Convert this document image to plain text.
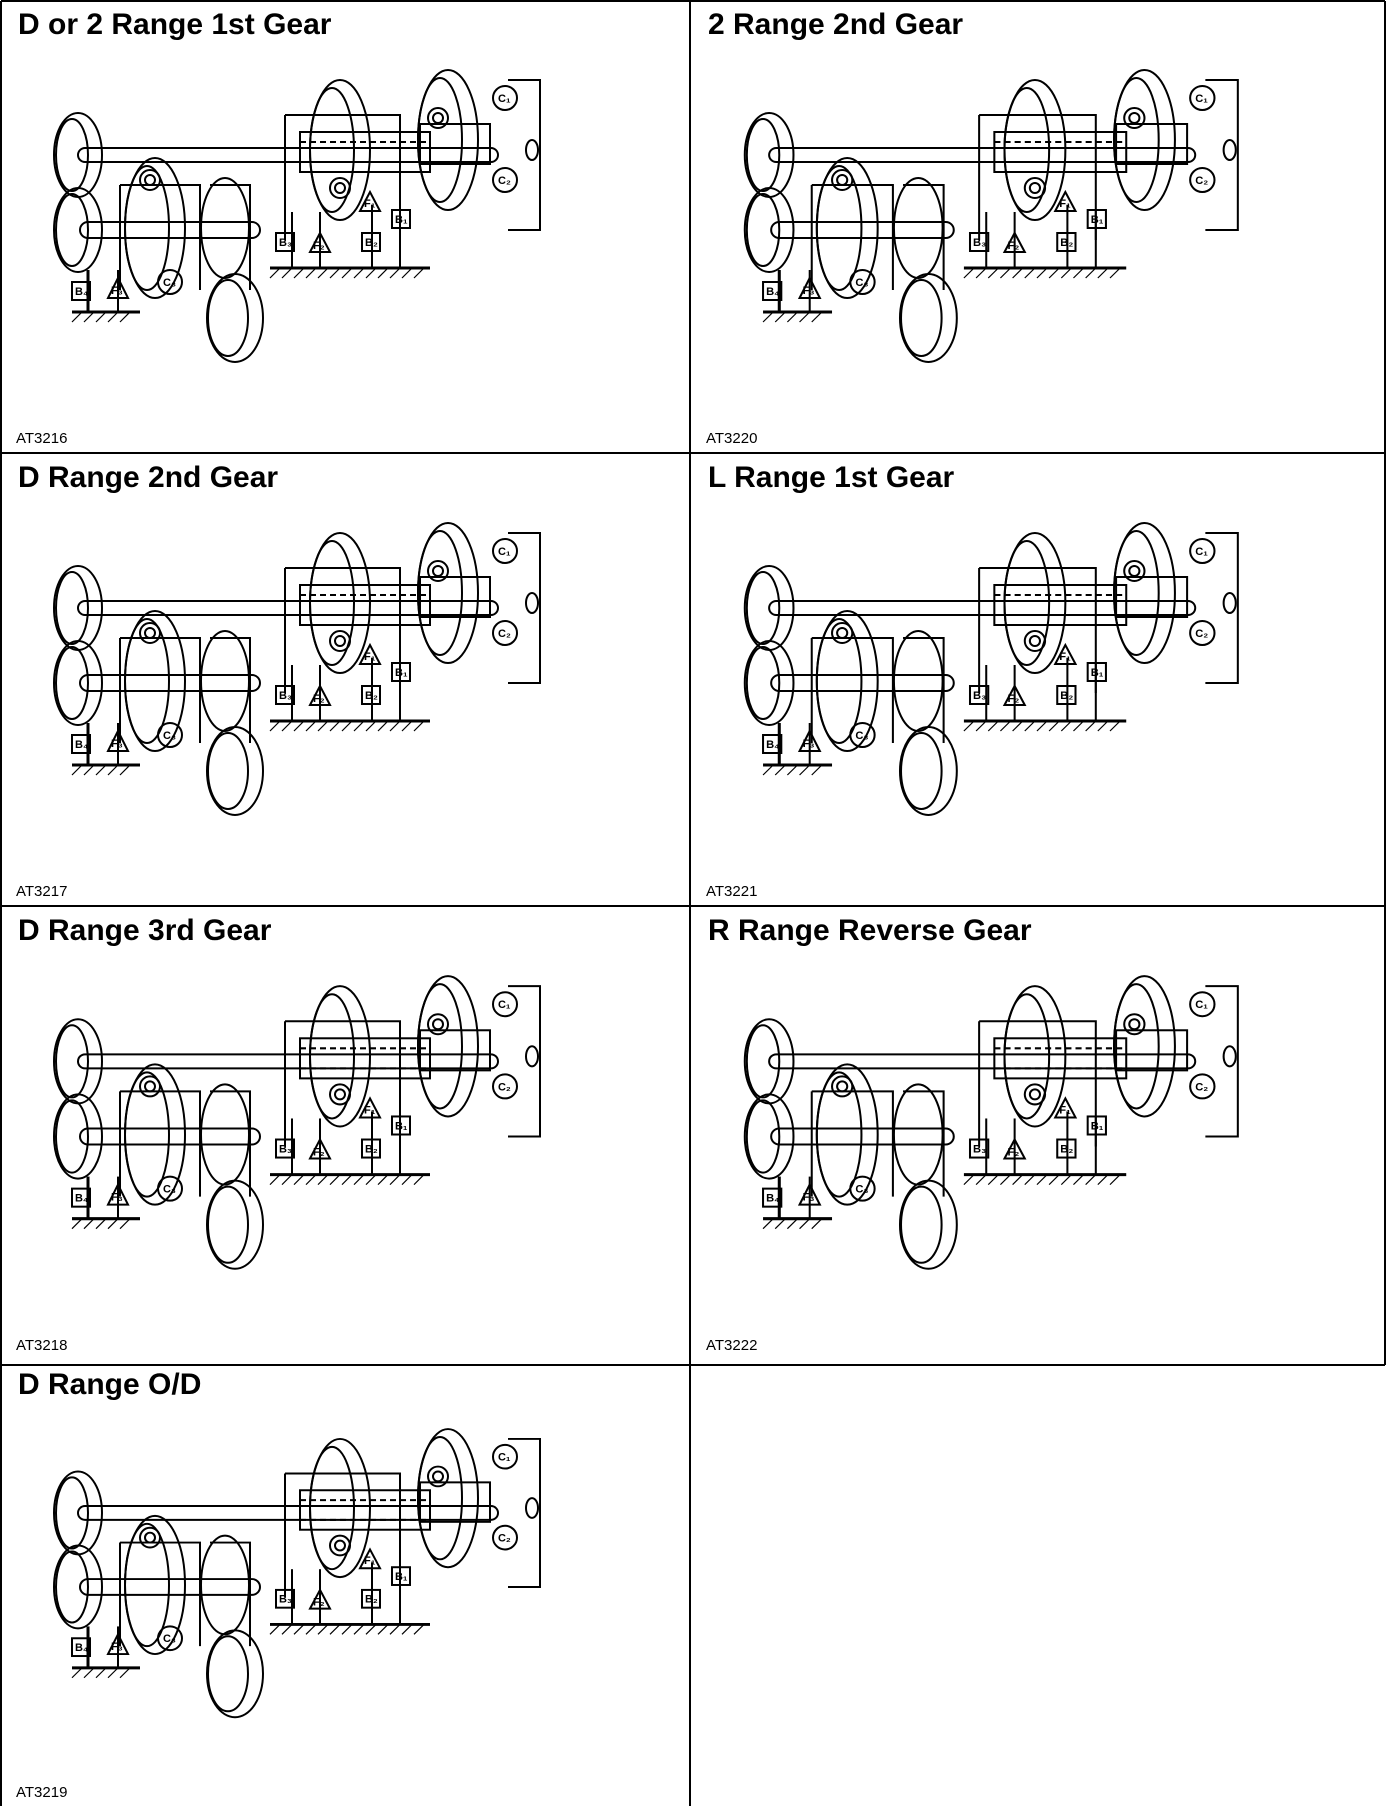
D or 2 Range 1st Gear
C₁
C₂
C₃
B₁
B₂
B₃
B₄
F₁
F₂
F₃
AT3216
2 Range 2nd Gear
C₁
C₂
C₃
B₁
B₂
B₃
B₄
F₁
F₂
F₃
AT3220
D Range 2nd Gear
C₁
C₂
C₃
B₁
B₂
B₃
B₄
F₁
F₂
F₃
AT3217
L Range 1st Gear
C₁
C₂
C₃
B₁
B₂
B₃
B₄
F₁
F₂
F₃
AT3221
D Range 3rd Gear
C₁
C₂
C₃
B₁
B₂
B₃
B₄
F₁
F₂
F₃
AT3218
R Range Reverse Gear
C₁
C₂
C₃
B₁
B₂
B₃
B₄
F₁
F₂
F₃
AT3222
D Range O/D
C₁
C₂
C₃
B₁
B₂
B₃
B₄
F₁
F₂
F₃
AT3219
